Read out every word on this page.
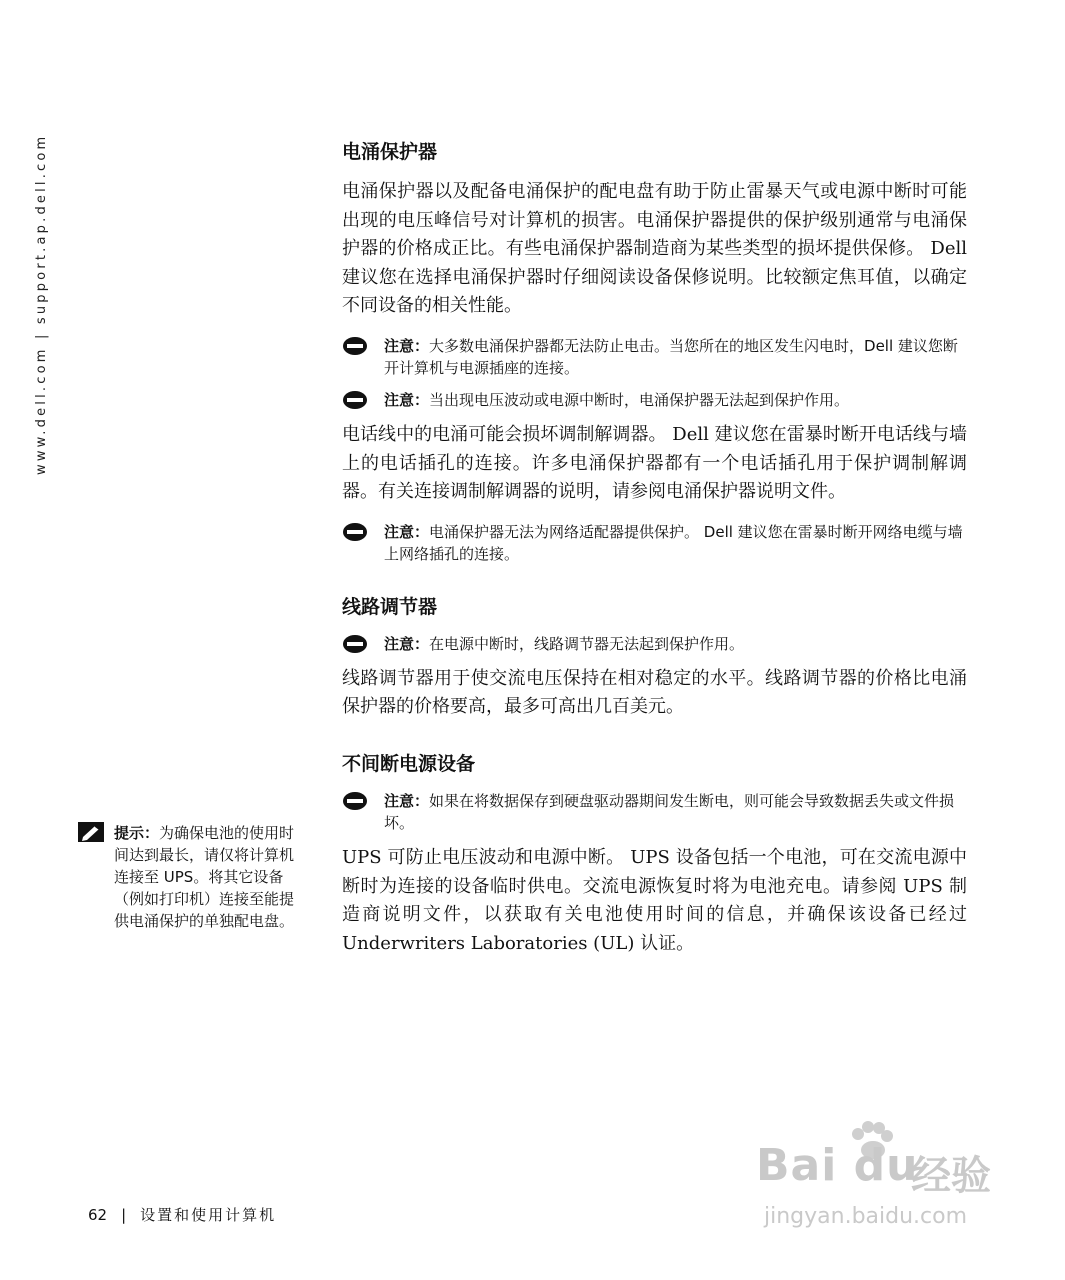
www.dell.com | support.ap.dell.com	电涌保护器

电涌保护器以及配备电涌保护的配电盘有助于防止雷暴天气或电源中断时可能出现的电压峰信号对计算机的损害。电涌保护器提供的保护级别通常与电涌保护器的价格成正比。有些电涌保护器制造商为某些类型的损坏提供保修。 Dell 建议您在选择电涌保护器时仔细阅读设备保修说明。比较额定焦耳值，以确定不同设备的相关性能。

注意：大多数电涌保护器都无法防止电击。当您所在的地区发生闪电时，Dell 建议您断开计算机与电源插座的连接。
注意：当出现电压波动或电源中断时，电涌保护器无法起到保护作用。

电话线中的电涌可能会损坏调制解调器。 Dell 建议您在雷暴时断开电话线与墙上的电话插孔的连接。许多电涌保护器都有一个电话插孔用于保护调制解调器。有关连接调制解调器的说明，请参阅电涌保护器说明文件。

注意：电涌保护器无法为网络适配器提供保护。 Dell 建议您在雷暴时断开网络电缆与墙上网络插孔的连接。
线路调节器
注意：在电源中断时，线路调节器无法起到保护作用。

线路调节器用于使交流电压保持在相对稳定的水平。线路调节器的价格比电涌保护器的价格要高，最多可高出几百美元。

不间断电源设备
注意：如果在将数据保存到硬盘驱动器期间发生断电，则可能会导致数据丢失或文件损坏。

UPS 可防止电压波动和电源中断。 UPS 设备包括一个电池，可在交流电源中断时为连接的设备临时供电。交流电源恢复时将为电池充电。请参阅 UPS 制造商说明文件，以获取有关电池使用时间的信息，并确保该设备已经过 Underwriters Laboratories (UL) 认证。

提示：为确保电池的使用时间达到最长，请仅将计算机连接至 UPS。将其它设备（例如打印机）连接至能提供电涌保护的单独配电盘。
62 | 设置和使用计算机
Bai du
经验
jingyan.baidu.com
